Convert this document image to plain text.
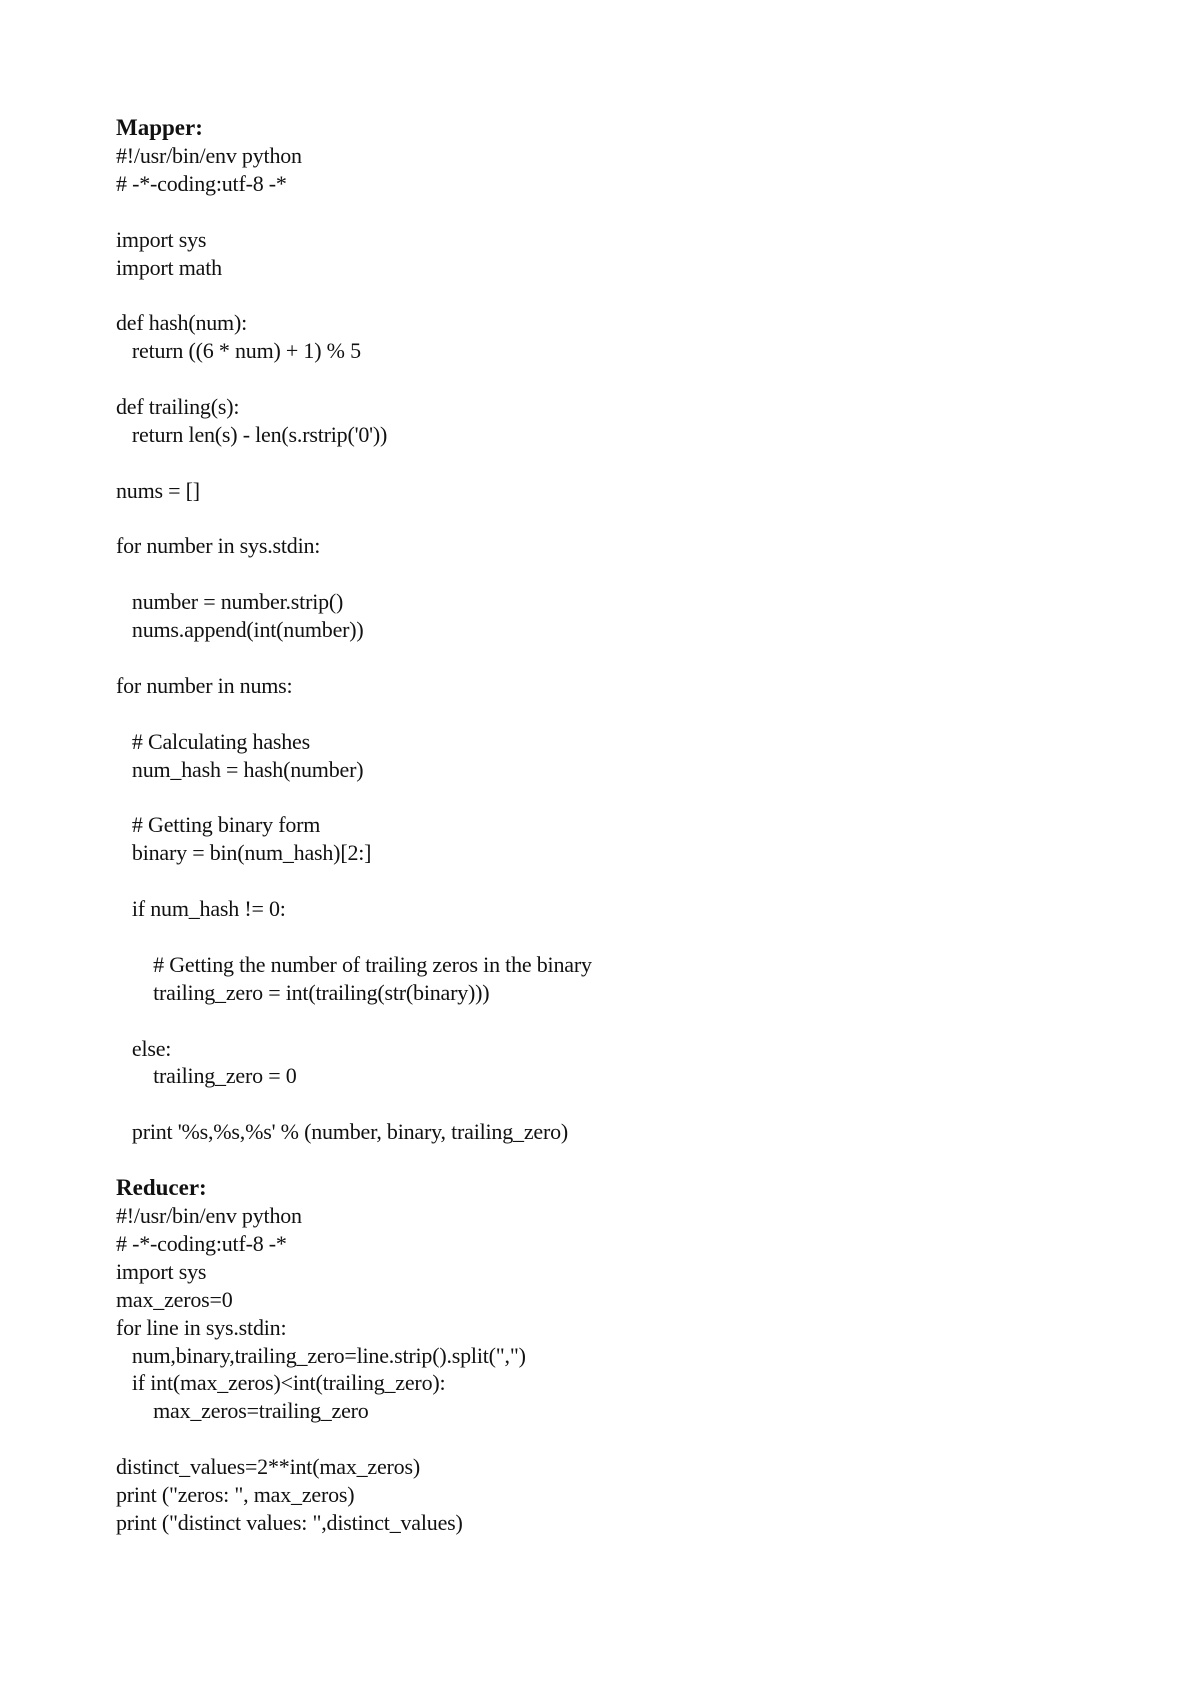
Mapper:
#!/usr/bin/env python
# -*-coding:utf-8 -*
import sys
import math
def hash(num):
return ((6 * num) + 1) % 5
def trailing(s):
return len(s) - len(s.rstrip('0'))
nums = []
for number in sys.stdin:
number = number.strip()
nums.append(int(number))
for number in nums:
# Calculating hashes
num_hash = hash(number)
# Getting binary form
binary = bin(num_hash)[2:]
if num_hash != 0:
# Getting the number of trailing zeros in the binary
trailing_zero = int(trailing(str(binary)))
else:
trailing_zero = 0
print '%s,%s,%s' % (number, binary, trailing_zero)
Reducer:
#!/usr/bin/env python
# -*-coding:utf-8 -*
import sys
max_zeros=0
for line in sys.stdin:
num,binary,trailing_zero=line.strip().split(",")
if int(max_zeros)<int(trailing_zero):
max_zeros=trailing_zero
distinct_values=2**int(max_zeros)
print ("zeros: ", max_zeros)
print ("distinct values: ",distinct_values)
